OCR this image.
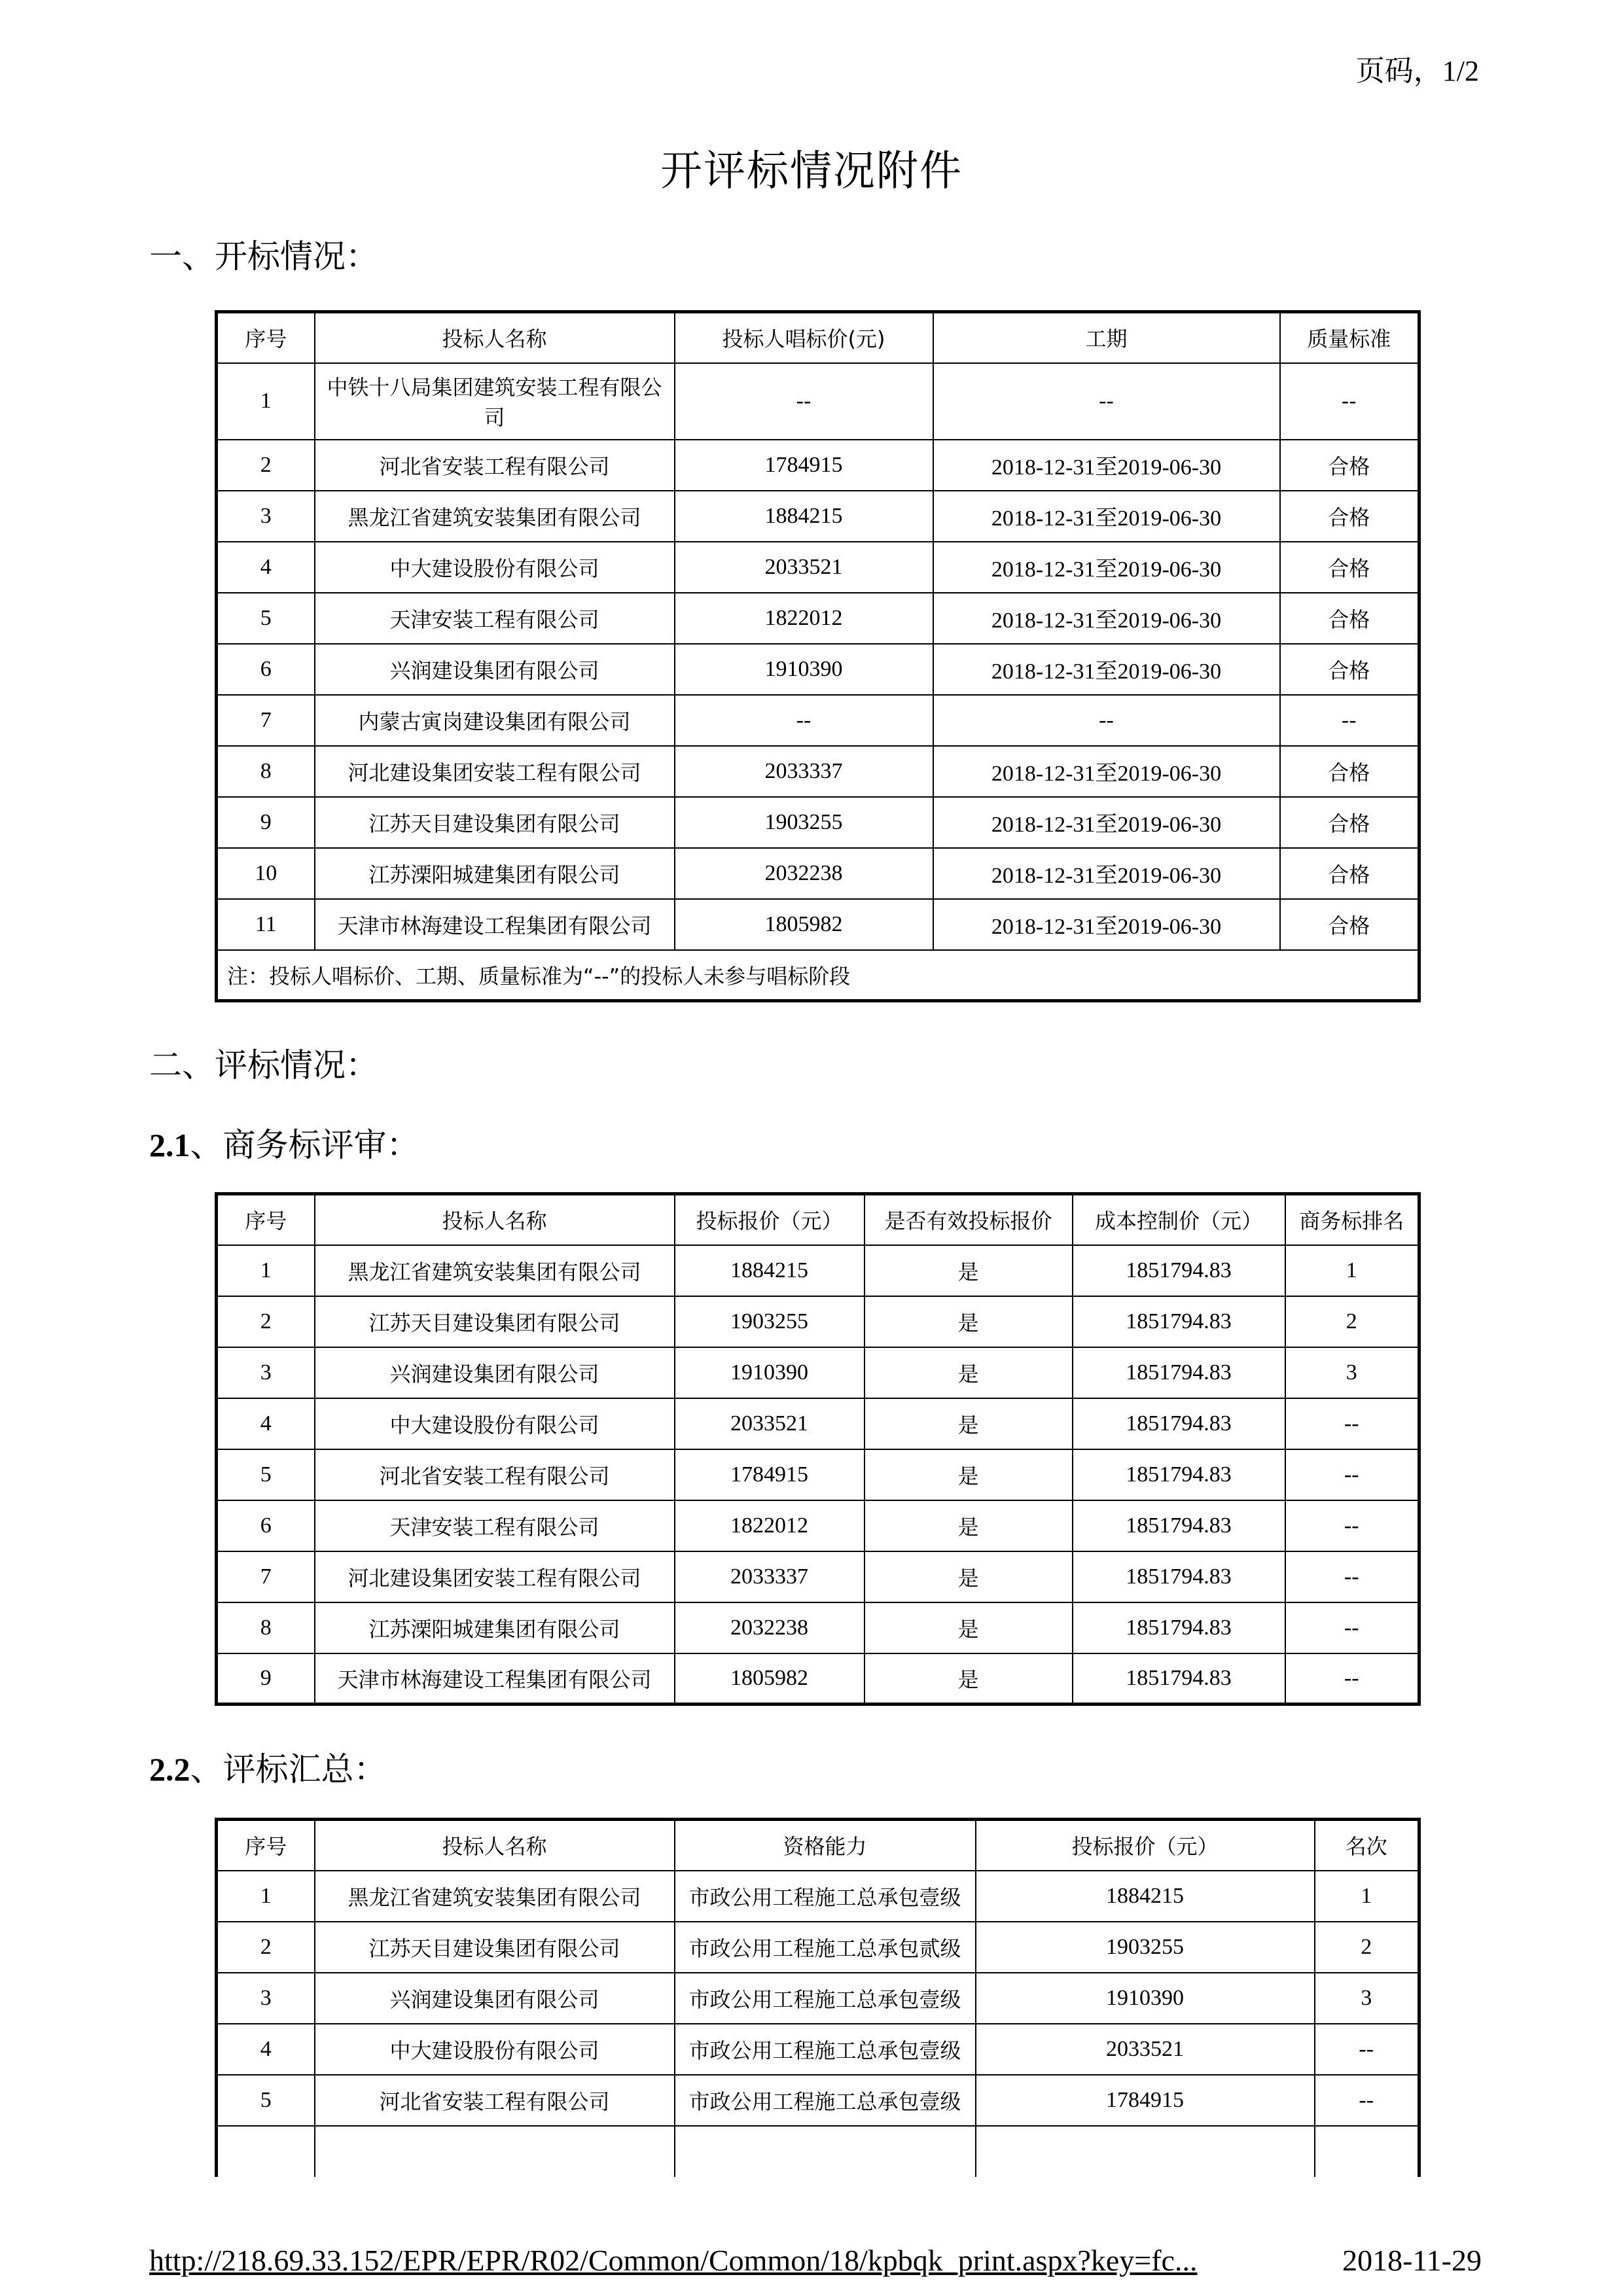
页码，1/2
开评标情况附件
一、开标情况：
序号	投标人名称	投标人唱标价(元)	工期	质量标准
1	中铁十八局集团建筑安装工程有限公司	--	--	--
2	河北省安装工程有限公司	1784915	2018-12-31至2019-06-30	合格
3	黑龙江省建筑安装集团有限公司	1884215	2018-12-31至2019-06-30	合格
4	中大建设股份有限公司	2033521	2018-12-31至2019-06-30	合格
5	天津安装工程有限公司	1822012	2018-12-31至2019-06-30	合格
6	兴润建设集团有限公司	1910390	2018-12-31至2019-06-30	合格
7	内蒙古寅岗建设集团有限公司	--	--	--
8	河北建设集团安装工程有限公司	2033337	2018-12-31至2019-06-30	合格
9	江苏天目建设集团有限公司	1903255	2018-12-31至2019-06-30	合格
10	江苏溧阳城建集团有限公司	2032238	2018-12-31至2019-06-30	合格
11	天津市林海建设工程集团有限公司	1805982	2018-12-31至2019-06-30	合格
注：投标人唱标价、工期、质量标准为“--”的投标人未参与唱标阶段				
二、评标情况：
2.1、商务标评审：
序号	投标人名称	投标报价（元）	是否有效投标报价	成本控制价（元）	商务标排名
1	黑龙江省建筑安装集团有限公司	1884215	是	1851794.83	1
2	江苏天目建设集团有限公司	1903255	是	1851794.83	2
3	兴润建设集团有限公司	1910390	是	1851794.83	3
4	中大建设股份有限公司	2033521	是	1851794.83	--
5	河北省安装工程有限公司	1784915	是	1851794.83	--
6	天津安装工程有限公司	1822012	是	1851794.83	--
7	河北建设集团安装工程有限公司	2033337	是	1851794.83	--
8	江苏溧阳城建集团有限公司	2032238	是	1851794.83	--
9	天津市林海建设工程集团有限公司	1805982	是	1851794.83	--
2.2、评标汇总：
序号	投标人名称	资格能力	投标报价（元）	名次
1	黑龙江省建筑安装集团有限公司	市政公用工程施工总承包壹级	1884215	1
2	江苏天目建设集团有限公司	市政公用工程施工总承包贰级	1903255	2
3	兴润建设集团有限公司	市政公用工程施工总承包壹级	1910390	3
4	中大建设股份有限公司	市政公用工程施工总承包壹级	2033521	--
5	河北省安装工程有限公司	市政公用工程施工总承包壹级	1784915	--

http://218.69.33.152/EPR/EPR/R02/Common/Common/18/kpbqk_print.aspx?key=fc...	2018-11-29
